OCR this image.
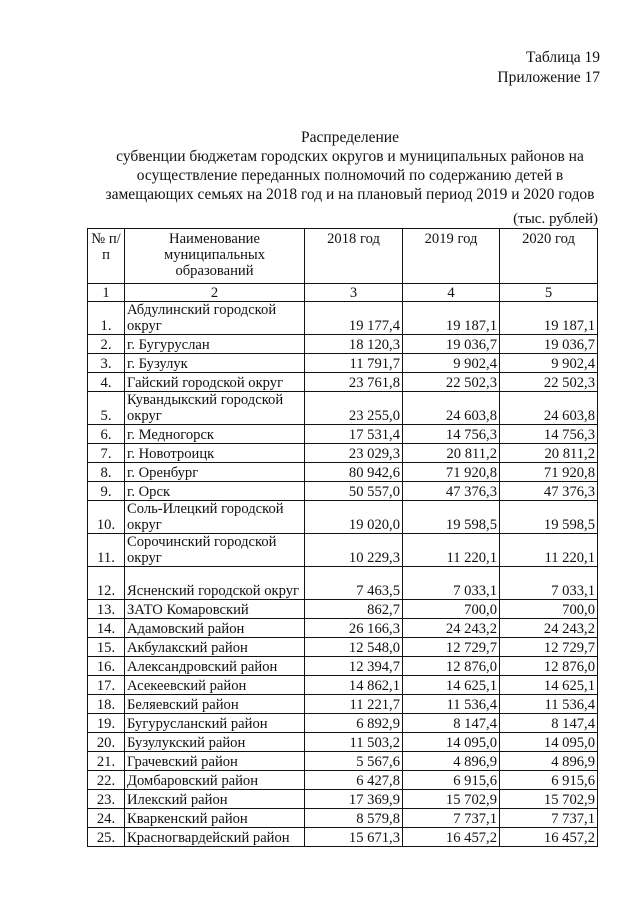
Таблица 19
Приложение 17
Распределение
субвенции бюджетам городских округов и муниципальных районов на
осуществление переданных полномочий по содержанию детей в
замещающих семьях на 2018 год и на плановый период 2019 и 2020 годов
(тыс. рублей)
№ п/п	Наименование муниципальных образований	2018 год	2019 год	2020 год
1	2	3	4	5
1.	Абдулинский городской округ	19 177,4	19 187,1	19 187,1
2.	г. Бугуруслан	18 120,3	19 036,7	19 036,7
3.	г. Бузулук	11 791,7	9 902,4	9 902,4
4.	Гайский городской округ	23 761,8	22 502,3	22 502,3
5.	Кувандыкский городской округ	23 255,0	24 603,8	24 603,8
6.	г. Медногорск	17 531,4	14 756,3	14 756,3
7.	г. Новотроицк	23 029,3	20 811,2	20 811,2
8.	г. Оренбург	80 942,6	71 920,8	71 920,8
9.	г. Орск	50 557,0	47 376,3	47 376,3
10.	Соль-Илецкий городской округ	19 020,0	19 598,5	19 598,5
11.	Сорочинский городской округ	10 229,3	11 220,1	11 220,1
12.	Ясненский городской округ	7 463,5	7 033,1	7 033,1
13.	ЗАТО Комаровский	862,7	700,0	700,0
14.	Адамовский район	26 166,3	24 243,2	24 243,2
15.	Акбулакский район	12 548,0	12 729,7	12 729,7
16.	Александровский район	12 394,7	12 876,0	12 876,0
17.	Асекеевский район	14 862,1	14 625,1	14 625,1
18.	Беляевский район	11 221,7	11 536,4	11 536,4
19.	Бугурусланский район	6 892,9	8 147,4	8 147,4
20.	Бузулукский район	11 503,2	14 095,0	14 095,0
21.	Грачевский район	5 567,6	4 896,9	4 896,9
22.	Домбаровский район	6 427,8	6 915,6	6 915,6
23.	Илекский район	17 369,9	15 702,9	15 702,9
24.	Кваркенский район	8 579,8	7 737,1	7 737,1
25.	Красногвардейский район	15 671,3	16 457,2	16 457,2
